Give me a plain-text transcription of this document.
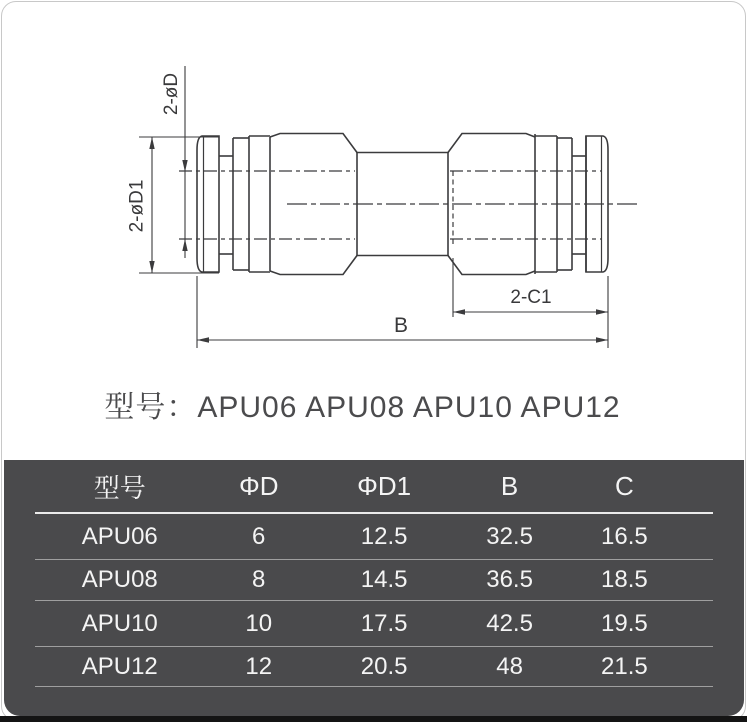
2-øD
2-øD1
2-C1
B
型号：APU06 APU08 APU10 APU12
型号	ΦD	ΦD1	B	C
APU06	6	12.5	32.5	16.5
APU08	8	14.5	36.5	18.5
APU10	10	17.5	42.5	19.5
APU12	12	20.5	48	21.5
